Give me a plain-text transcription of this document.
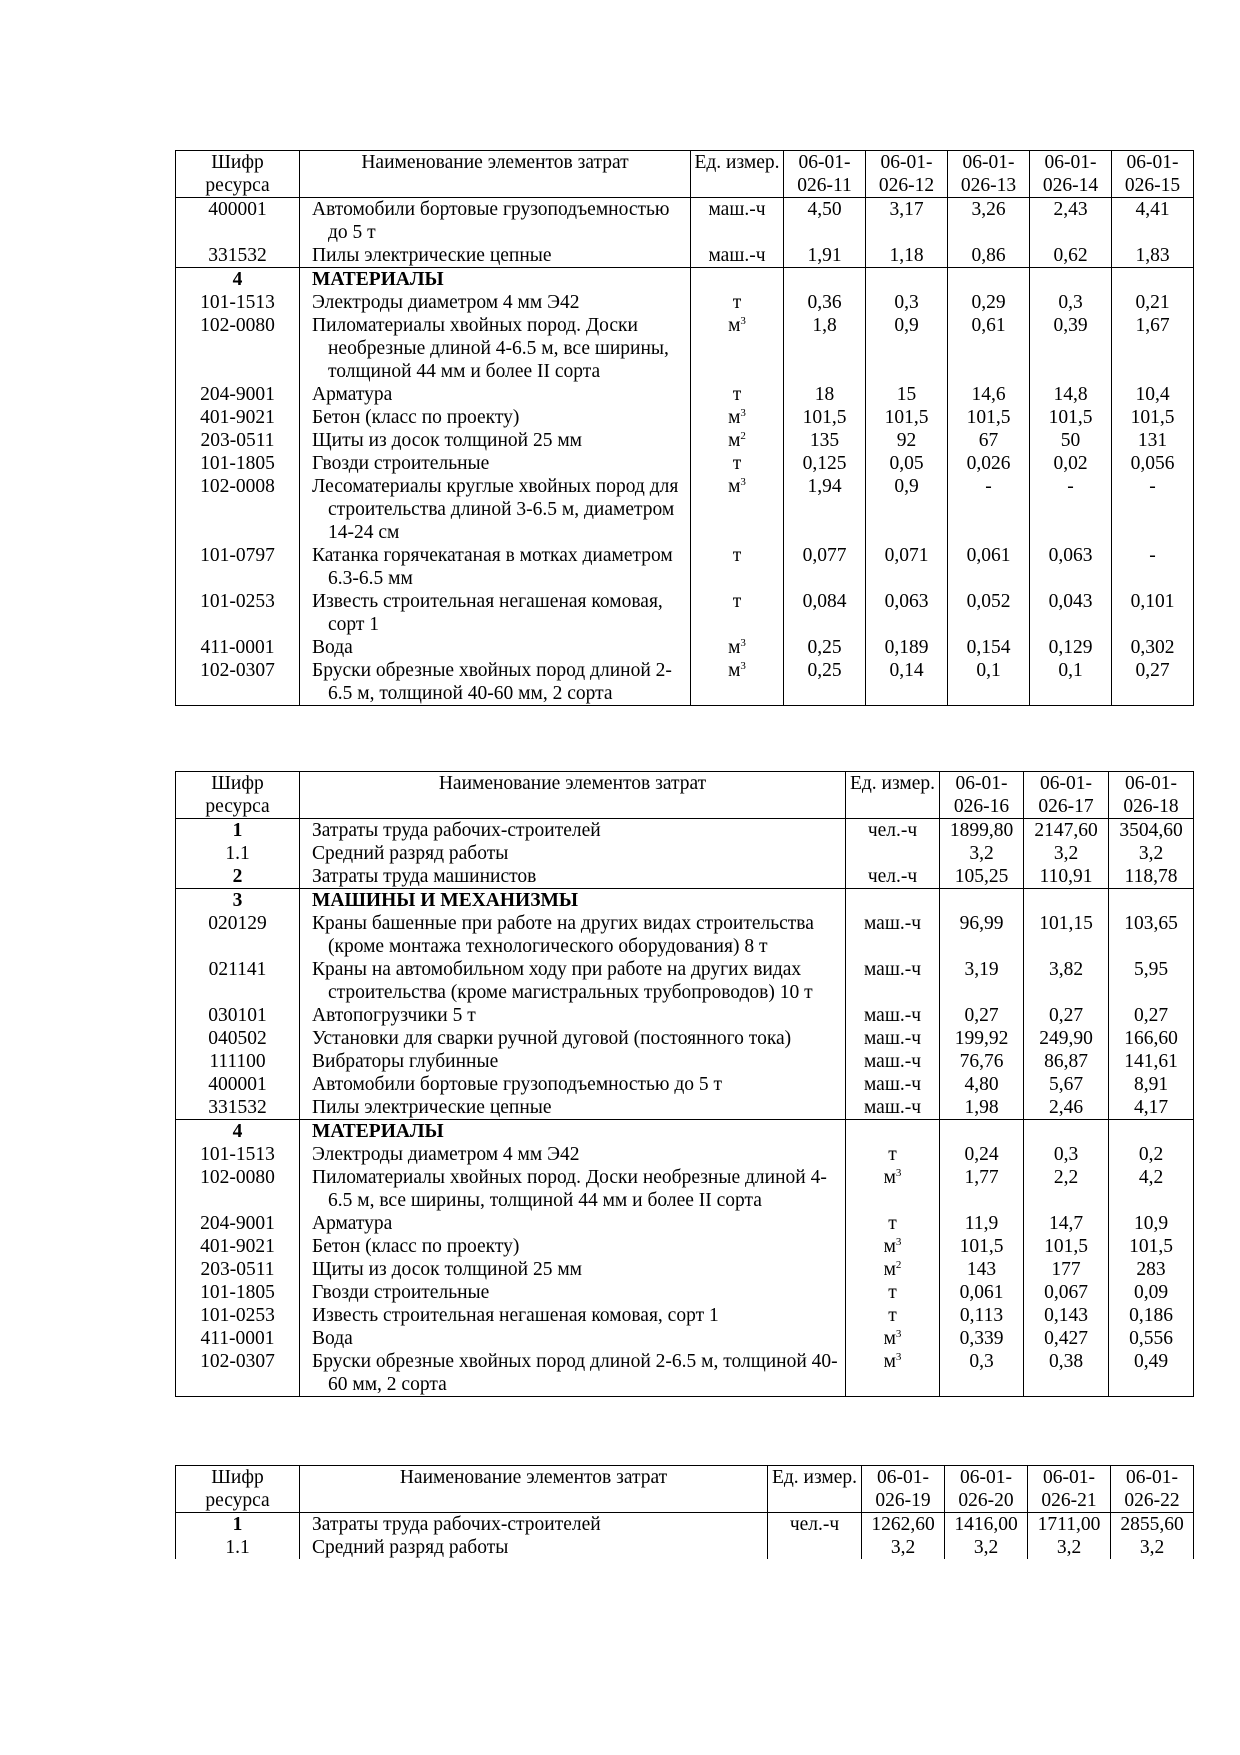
Шифр ресурса	Наименование элементов затрат	Ед. измер.	06-01-026-11	06-01-026-12	06-01-026-13	06-01-026-14	06-01-026-15
400001	Автомобили бортовые грузоподъемностью до 5 т	маш.-ч	4,50	3,17	3,26	2,43	4,41
331532	Пилы электрические цепные	маш.-ч	1,91	1,18	0,86	0,62	1,83
4	МАТЕРИАЛЫ						

101-1513	Электроды диаметром 4 мм Э42	т	0,36	0,3	0,29	0,3	0,21
102-0080	Пиломатериалы хвойных пород. Доски необрезные длиной 4-6.5 м, все ширины, толщиной 44 мм и более II сорта	$м^3$	1,8	0,9	0,61	0,39	1,67
204-9001	Арматура	т	18	15	14,6	14,8	10,4
401-9021	Бетон (класс по проекту)	$м^3$	101,5	101,5	101,5	101,5	101,5
203-0511	Щиты из досок толщиной 25 мм	$м^2$	135	92	67	50	131
101-1805	Гвозди строительные	т	0,125	0,05	0,026	0,02	0,056
102-0008	Лесоматериалы круглые хвойных пород для строительства длиной 3-6.5 м, диаметром 14-24 см	$м^3$	1,94	0,9	-	-	-
101-0797	Катанка горячекатаная в мотках диаметром 6.3-6.5 мм	т	0,077	0,071	0,061	0,063	-
101-0253	Известь строительная негашеная комовая, сорт 1	т	0,084	0,063	0,052	0,043	0,101
411-0001	Вода	$м^3$	0,25	0,189	0,154	0,129	0,302
102-0307	Бруски обрезные хвойных пород длиной 2-6.5 м, толщиной 40-60 мм, 2 сорта	$м^3$	0,25	0,14	0,1	0,1	0,27
Шифр ресурса	Наименование элементов затрат	Ед. измер.	06-01-026-16	06-01-026-17	06-01-026-18
1	Затраты труда рабочих-строителей	чел.-ч	1899,80	2147,60	3504,60
1.1	Средний разряд работы		3,2	3,2	3,2
2	Затраты труда машинистов	чел.-ч	105,25	110,91	118,78
3	МАШИНЫ И МЕХАНИЗМЫ				

020129	Краны башенные при работе на других видах строительства (кроме монтажа технологического оборудования) 8 т	маш.-ч	96,99	101,15	103,65
021141	Краны на автомобильном ходу при работе на других видах строительства (кроме магистральных трубопроводов) 10 т	маш.-ч	3,19	3,82	5,95
030101	Автопогрузчики 5 т	маш.-ч	0,27	0,27	0,27
040502	Установки для сварки ручной дуговой (постоянного тока)	маш.-ч	199,92	249,90	166,60
111100	Вибраторы глубинные	маш.-ч	76,76	86,87	141,61
400001	Автомобили бортовые грузоподъемностью до 5 т	маш.-ч	4,80	5,67	8,91
331532	Пилы электрические цепные	маш.-ч	1,98	2,46	4,17
4	МАТЕРИАЛЫ				

101-1513	Электроды диаметром 4 мм Э42	т	0,24	0,3	0,2
102-0080	Пиломатериалы хвойных пород. Доски необрезные длиной 4-6.5 м, все ширины, толщиной 44 мм и более II сорта	$м^3$	1,77	2,2	4,2
204-9001	Арматура	т	11,9	14,7	10,9
401-9021	Бетон (класс по проекту)	$м^3$	101,5	101,5	101,5
203-0511	Щиты из досок толщиной 25 мм	$м^2$	143	177	283
101-1805	Гвозди строительные	т	0,061	0,067	0,09
101-0253	Известь строительная негашеная комовая, сорт 1	т	0,113	0,143	0,186
411-0001	Вода	$м^3$	0,339	0,427	0,556
102-0307	Бруски обрезные хвойных пород длиной 2-6.5 м, толщиной 40-60 мм, 2 сорта	$м^3$	0,3	0,38	0,49
Шифр ресурса	Наименование элементов затрат	Ед. измер.	06-01-026-19	06-01-026-20	06-01-026-21	06-01-026-22
1	Затраты труда рабочих-строителей	чел.-ч	1262,60	1416,00	1711,00	2855,60
1.1	Средний разряд работы		3,2	3,2	3,2	3,2
